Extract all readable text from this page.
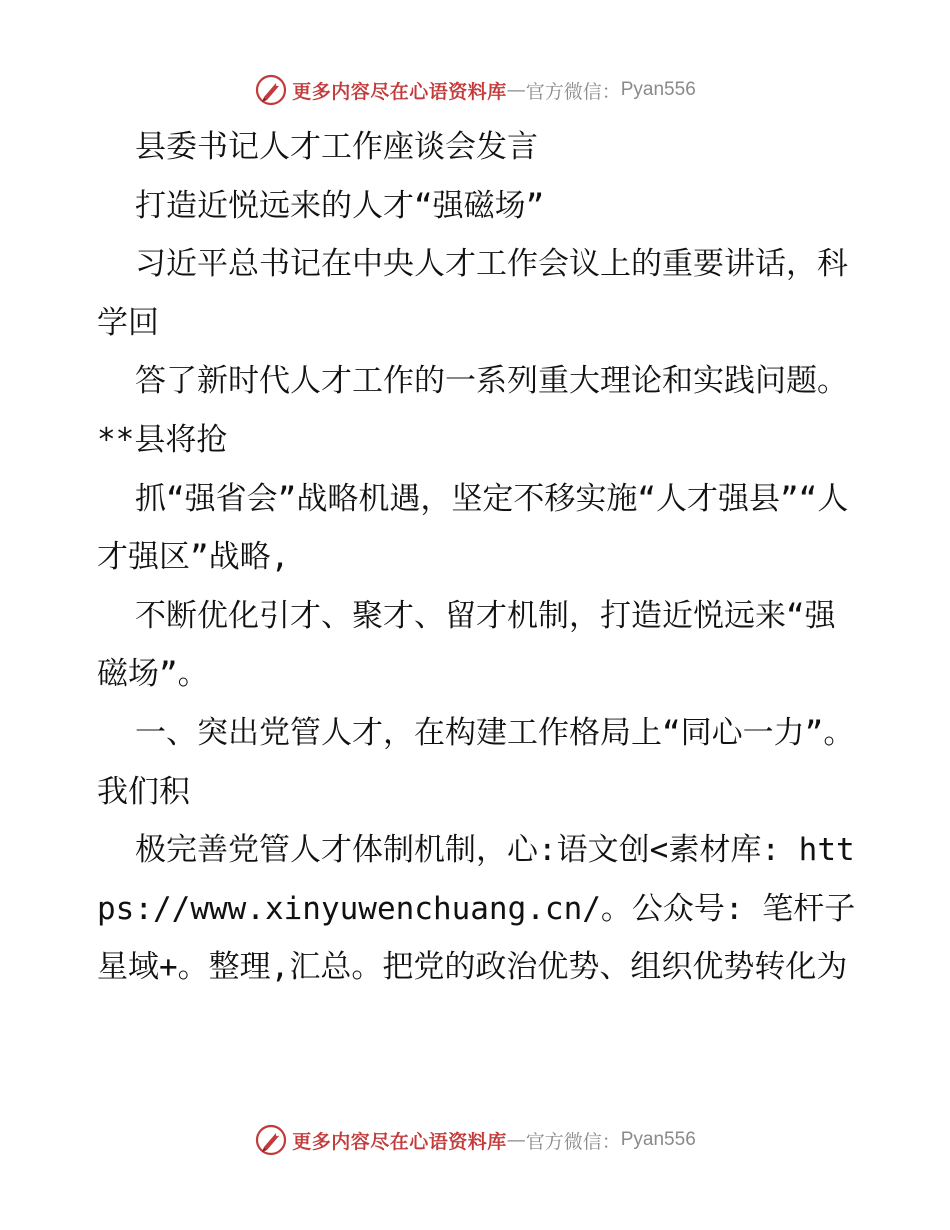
更多内容尽在心语资料库 — 官方微信： Pyan556

县委书记人才工作座谈会发言

打造近悦远来的人才“强磁场”

习近平总书记在中央人才工作会议上的重要讲话，科学回

答了新时代人才工作的一系列重大理论和实践问题。**县将抢

抓“强省会”战略机遇，坚定不移实施“人才强县”“人才强区”战略,

不断优化引才、聚才、留才机制，打造近悦远来“强磁场”。

一、突出党管人才，在构建工作格局上“同心一力”。我们积

极完善党管人才体制机制，心:语文创<素材库: https://www.xinyuwenchuang.cn/。公众号: 笔杆子星域+。整理,汇总。把党的政治优势、组织优势转化为

更多内容尽在心语资料库 — 官方微信： Pyan556
